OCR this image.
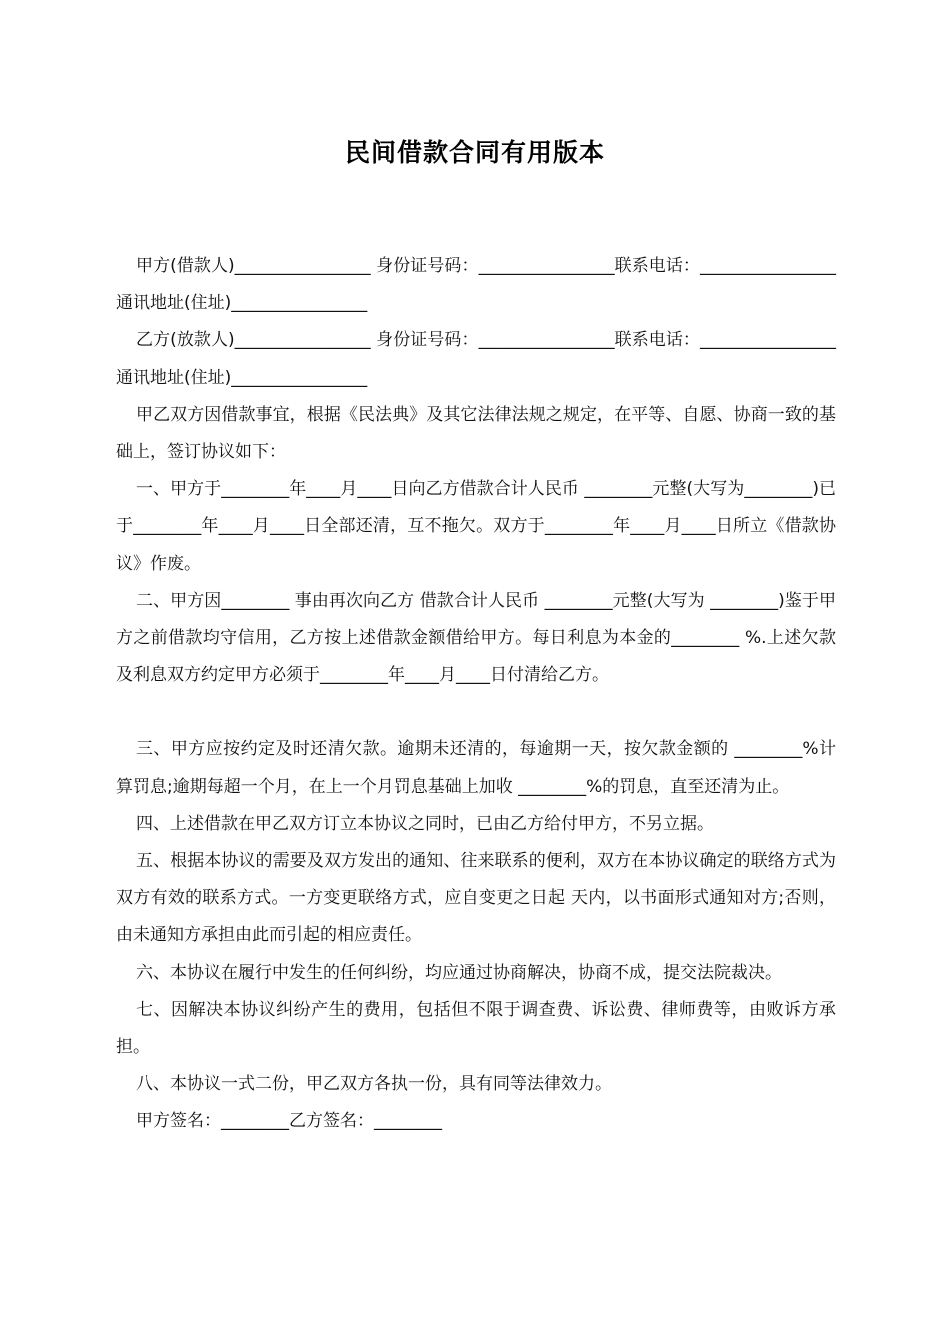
民间借款合同有用版本

甲方(借款人)________________ 身份证号码：________________联系电话：________________通讯地址(住址)________________

乙方(放款人)________________ 身份证号码：________________联系电话：________________通讯地址(住址)________________

甲乙双方因借款事宜，根据《民法典》及其它法律法规之规定，在平等、自愿、协商一致的基础上，签订协议如下：

一、甲方于________年____月____日向乙方借款合计人民币 ________元整(大写为________)已于________年____月____日全部还清，互不拖欠。双方于________年____月____日所立《借款协议》作废。

二、甲方因________ 事由再次向乙方 借款合计人民币 ________元整(大写为 ________)鉴于甲方之前借款均守信用，乙方按上述借款金额借给甲方。每日利息为本金的________ %.上述欠款及利息双方约定甲方必须于________年____月____日付清给乙方。

三、甲方应按约定及时还清欠款。逾期未还清的，每逾期一天，按欠款金额的 ________%计算罚息;逾期每超一个月，在上一个月罚息基础上加收 ________%的罚息，直至还清为止。

四、上述借款在甲乙双方订立本协议之同时，已由乙方给付甲方，不另立据。

五、根据本协议的需要及双方发出的通知、往来联系的便利，双方在本协议确定的联络方式为双方有效的联系方式。一方变更联络方式，应自变更之日起 天内，以书面形式通知对方;否则，由未通知方承担由此而引起的相应责任。

六、本协议在履行中发生的任何纠纷，均应通过协商解决，协商不成，提交法院裁决。

七、因解决本协议纠纷产生的费用，包括但不限于调查费、诉讼费、律师费等，由败诉方承担。

八、本协议一式二份，甲乙双方各执一份，具有同等法律效力。

甲方签名：________乙方签名：________
